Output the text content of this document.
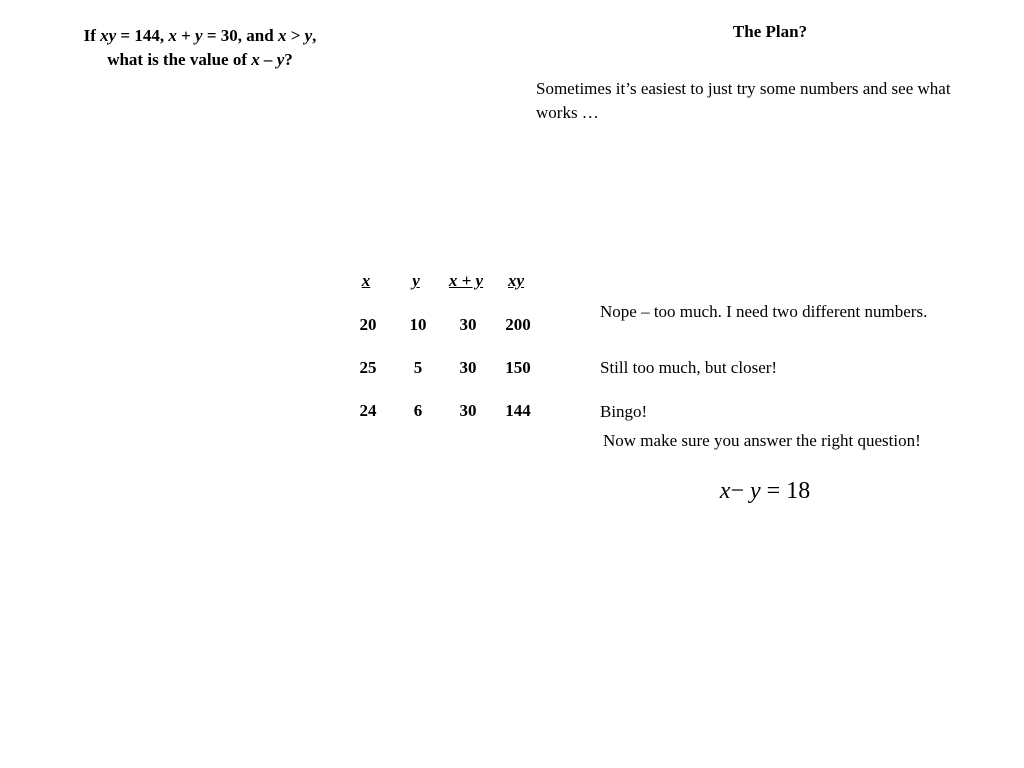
If xy = 144, x + y = 30, and x > y,
what is the value of x – y?
The Plan?
Sometimes it’s easiest to just try some numbers and see what works …
x	y	x + y	xy
20	10	30	200
25	5	30	150
24	6	30	144
Nope – too much. I need two different numbers.
Still too much, but closer!
Bingo!
Now make sure you answer the right question!
x− y = 18
